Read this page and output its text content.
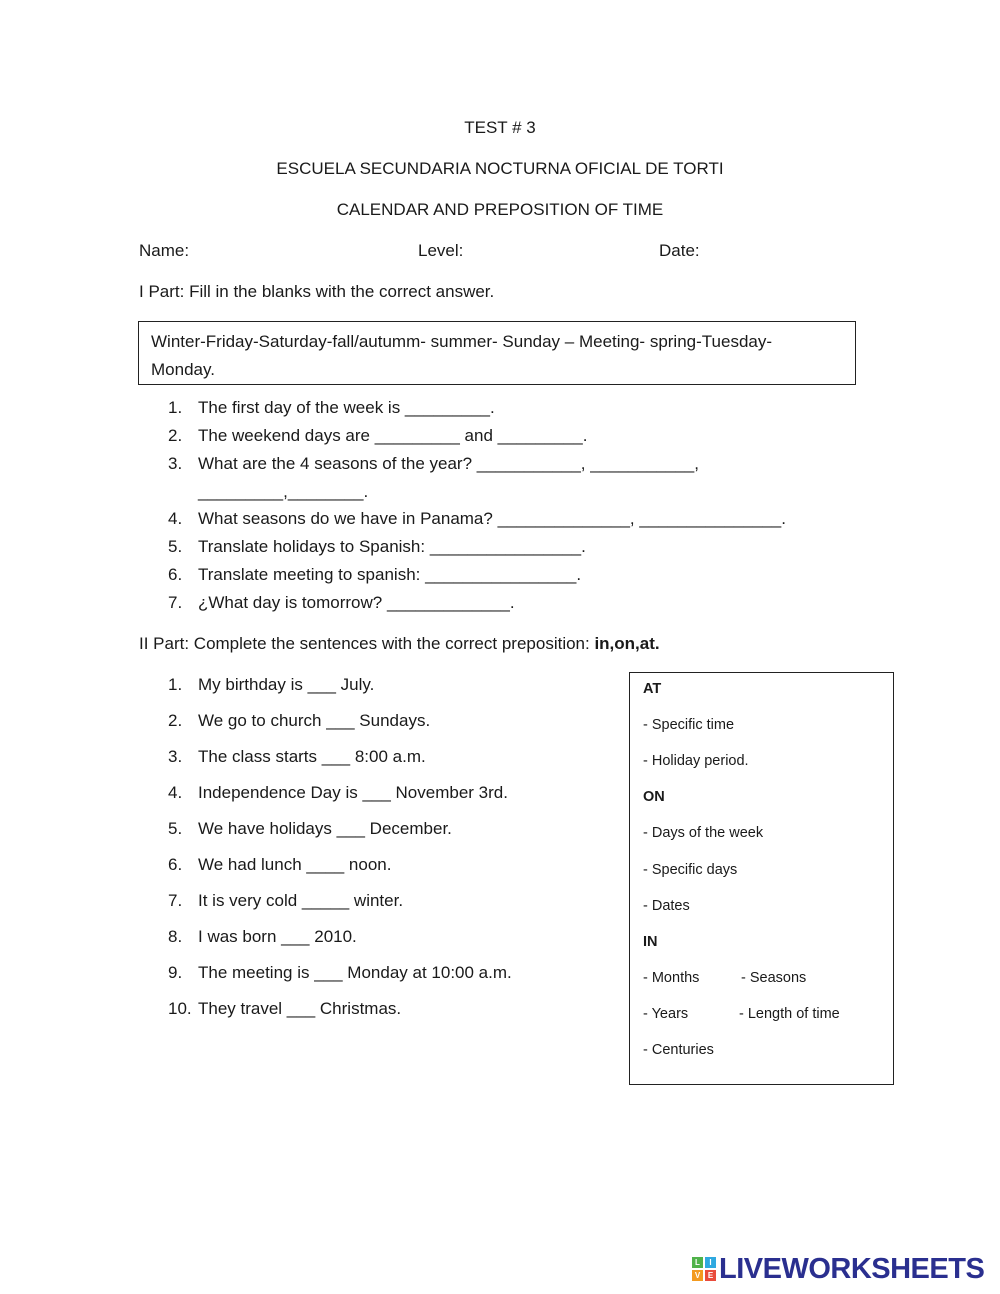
TEST # 3
ESCUELA SECUNDARIA NOCTURNA OFICIAL DE TORTI
CALENDAR AND PREPOSITION OF TIME
Name:	Level:	Date:
I Part: Fill in the blanks with the correct answer.
Winter-Friday-Saturday-fall/autumm- summer- Sunday – Meeting- spring-Tuesday-
Monday.
1. The first day of the week is _________.
2. The weekend days are _________ and _________.
3. What are the 4 seasons of the year? ___________, ___________,
_________,________.
4. What seasons do we have in Panama? ______________, _______________.
5. Translate holidays to Spanish: ________________.
6. Translate meeting to spanish: ________________.
7. ¿What day is tomorrow? _____________.
II Part: Complete the sentences with the correct preposition: in,on,at.
1. My birthday is ___ July.
2. We go to church ___ Sundays.
3. The class starts ___ 8:00 a.m.
4. Independence Day is ___ November 3rd.
5. We have holidays ___ December.
6. We had lunch ____ noon.
7. It is very cold _____ winter.
8. I was born ___ 2010.
9. The meeting is ___ Monday at 10:00 a.m.
10. They travel ___ Christmas.
AT
- Specific time
- Holiday period.
ON
- Days of the week
- Specific days
- Dates
IN
- Months	- Seasons
- Years	- Length of time
- Centuries
L	I
V E LIVEWORKSHEETS
